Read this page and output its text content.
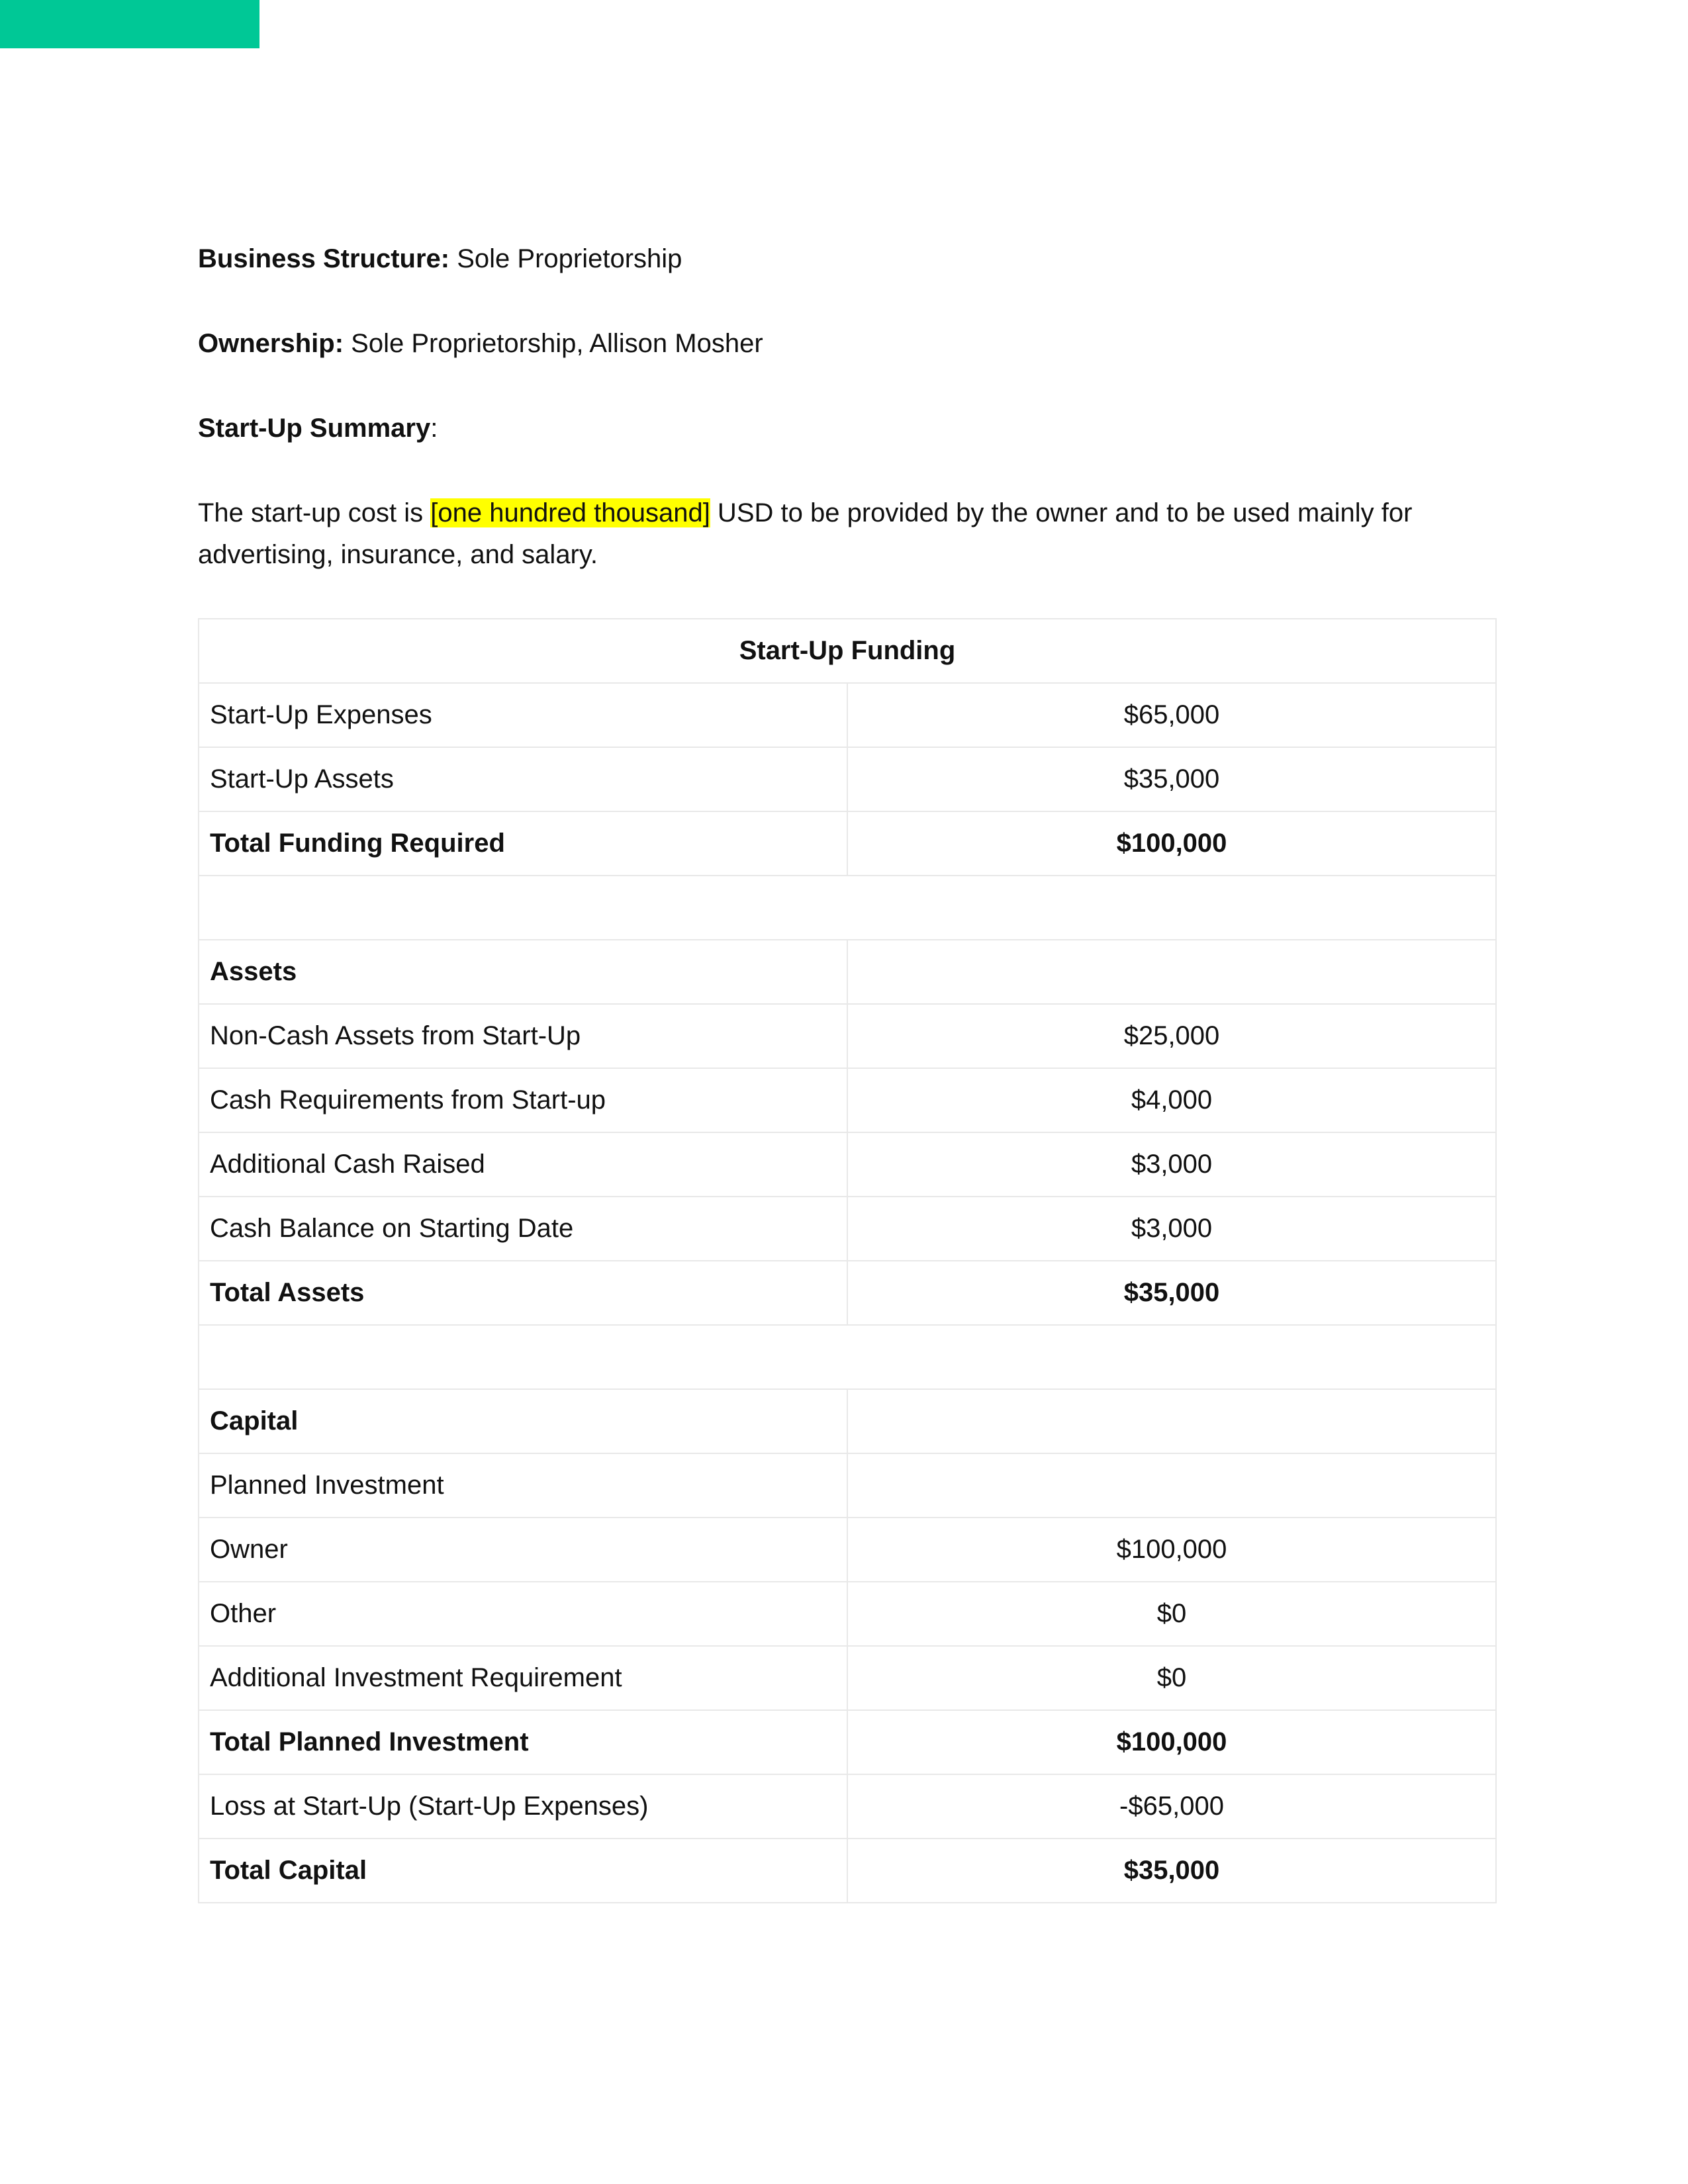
Business Structure: Sole Proprietorship

Ownership: Sole Proprietorship, Allison Mosher

Start-Up Summary:

The start-up cost is [one hundred thousand] USD to be provided by the owner and to be used mainly for advertising, insurance, and salary.

Start-Up Funding	
Start-Up Expenses	$65,000
Start-Up Assets	$35,000
Total Funding Required	$100,000

Assets	
Non-Cash Assets from Start-Up	$25,000
Cash Requirements from Start-up	$4,000
Additional Cash Raised	$3,000
Cash Balance on Starting Date	$3,000
Total Assets	$35,000

Capital	
Planned Investment	
Owner	$100,000
Other	$0
Additional Investment Requirement	$0
Total Planned Investment	$100,000
Loss at Start-Up (Start-Up Expenses)	-$65,000
Total Capital	$35,000
